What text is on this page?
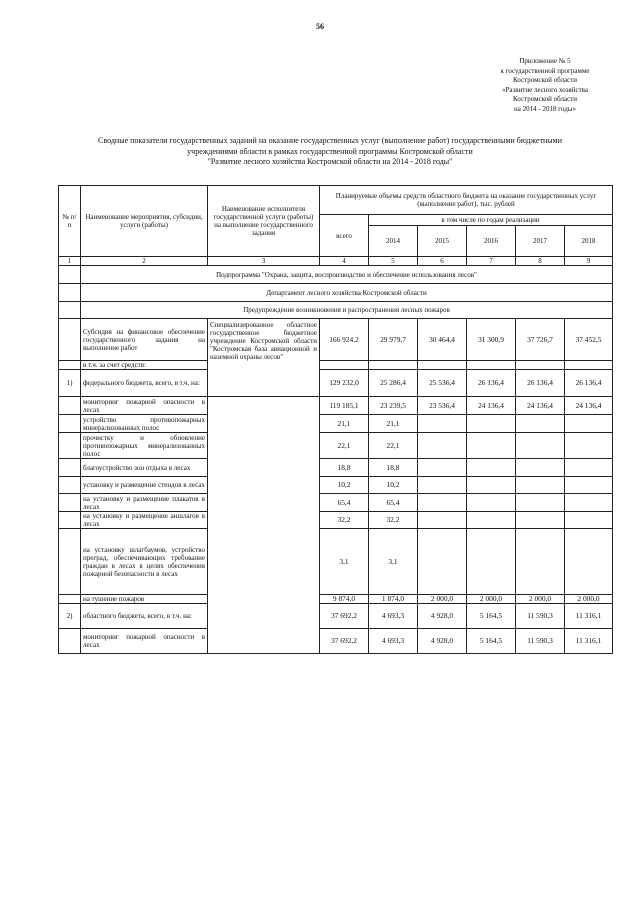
56
Приложение № 5
к государственной программе
Костромской области
«Развитие лесного хозяйства
Костромской области
на 2014 - 2018 годы»
Сводные показатели государственных заданий на оказание государственных услуг (выполнение работ) государственными бюджетными
учреждениями области в рамках государственной программы Костромской области
"Развитие лесного хозяйства Костромской области на 2014 - 2018 годы"
№ п/п	Наименование мероприятия, субсидии, услуги (работы)	Наименование исполнителя государственной услуги (работы) на выполнение государственного задания	Планируемые объемы средств областного бюджета на оказание государственных услуг (выполнение работ), тыс. рублей					
			всего	в том числе по годам реализации				
				2014	2015	2016	2017	2018
1	2	3	4	5	6	7	8	9
	Подпрограмма "Охрана, защита, воспроизводство и обеспечение использования лесов"							
	Департамент лесного хозяйства Костромской области							
	Предупреждение возникновения и распространения лесных пожаров							
	Субсидия на финансовое обеспечение государственного задания на выполнение работ	Специализированное областное государственное бюджетное учреждение Костромской области "Костромская база авиационной и наземной охраны лесов"	166 924,2	29 979,7	30 464,4	31 300,9	37 726,7	37 452,5
	в т.ч. за счет средств:							
1)	федерального бюджета, всего, в т.ч. на:		129 232,0	25 286,4	25 536,4	26 136,4	26 136,4	26 136,4
	мониторинг пожарной опасности в лесах		119 185,1	23 239,5	23 536,4	24 136,4	24 136,4	24 136,4
	устройство противопожарных минерализованных полос		21,1	21,1				
	прочистку и обновление противопожарных минерализованных полос		22,1	22,1				
	благоустройство зон отдыха в лесах		18,8	18,8				
	установку и размещение стендов в лесах		10,2	10,2				
	на установку и размещение плакатов в лесах		65,4	65,4				
	на установку и размещение аншлагов в лесах		32,2	32,2				
	на установку шлагбаумов, устройство преград, обеспечивающих требование граждан в лесах в целях обеспечения пожарной безопасности в лесах		3,1	3,1				
	на тушение пожаров		9 874,0	1 874,0	2 000,0	2 000,0	2 000,0	2 000,0
2)	областного бюджета, всего, в т.ч. на:		37 692,2	4 693,3	4 928,0	5 164,5	11 590,3	11 316,1
	мониторинг пожарной опасности в лесах		37 692,2	4 693,3	4 928,0	5 164,5	11 590,3	11 316,1
